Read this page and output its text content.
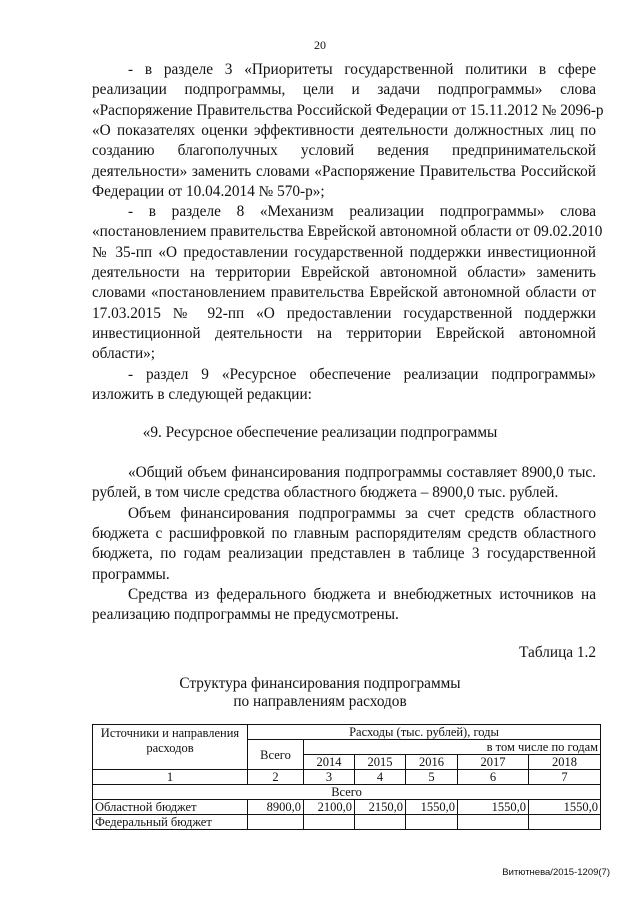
20
- в разделе 3 «Приоритеты государственной политики в сфере
реализации подпрограммы, цели и задачи подпрограммы» слова
«Распоряжение Правительства Российской Федерации от 15.11.2012 № 2096-р
«О показателях оценки эффективности деятельности должностных лиц по
созданию благополучных условий ведения предпринимательской
деятельности» заменить словами «Распоряжение Правительства Российской
Федерации от 10.04.2014 № 570-р»;
- в разделе 8 «Механизм реализации подпрограммы» слова
«постановлением правительства Еврейской автономной области от 09.02.2010
№ 35-пп «О предоставлении государственной поддержки инвестиционной
деятельности на территории Еврейской автономной области» заменить
словами «постановлением правительства Еврейской автономной области от
17.03.2015 № 92-пп «О предоставлении государственной поддержки
инвестиционной деятельности на территории Еврейской автономной
области»;
- раздел 9 «Ресурсное обеспечение реализации подпрограммы»
изложить в следующей редакции:
«9. Ресурсное обеспечение реализации подпрограммы
«Общий объем финансирования подпрограммы составляет 8900,0 тыс.
рублей, в том числе средства областного бюджета – 8900,0 тыс. рублей.
Объем финансирования подпрограммы за счет средств областного
бюджета с расшифровкой по главным распорядителям средств областного
бюджета, по годам реализации представлен в таблице 3 государственной
программы.
Средства из федерального бюджета и внебюджетных источников на
реализацию подпрограммы не предусмотрены.
Таблица 1.2
Структура финансирования подпрограммы
по направлениям расходов
Источники и направления расходов	Расходы (тыс. рублей), годы					
	Всего	в том числе по годам				
		2014	2015	2016	2017	2018
1	2	3	4	5	6	7
Всего						
Областной бюджет	8900,0	2100,0	2150,0	1550,0	1550,0	1550,0
Федеральный бюджет						
Витютнева/2015-1209(7)
